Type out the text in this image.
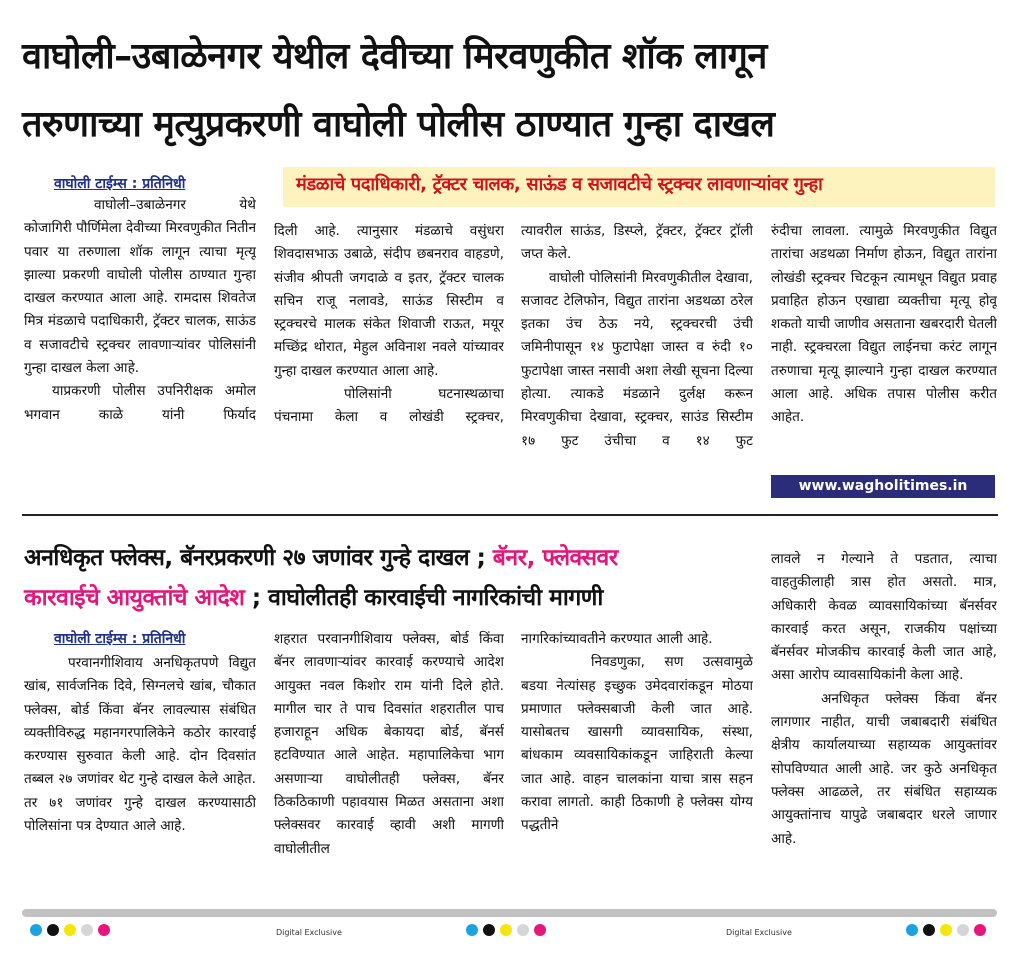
वाघोली–उबाळेनगर येथील देवीच्या मिरवणुकीत शॉक लागून
तरुणाच्या मृत्युप्रकरणी वाघोली पोलीस ठाण्यात गुन्हा दाखल
वाघोली टाईम्स : प्रतिनिधी	मंडळाचे पदाधिकारी, ट्रॅक्टर चालक, साऊंड व सजावटीचे स्ट्रक्चर लावणाऱ्यांवर गुन्हा

वाघोली–उबाळेनगर येथे कोजागिरी पौर्णिमेला देवीच्या मिरवणुकीत नितीन पवार या तरुणाला शॉक लागून त्याचा मृत्यू झाल्या प्रकरणी वाघोली पोलीस ठाण्यात गुन्हा दाखल करण्यात आला आहे. रामदास शिवतेज मित्र मंडळाचे पदाधिकारी, ट्रॅक्टर चालक, साऊंड व सजावटीचे स्ट्रक्चर लावणाऱ्यांवर पोलिसांनी गुन्हा दाखल केला आहे.

याप्रकरणी पोलीस उपनिरीक्षक अमोल भगवान काळे यांनी फिर्याद

दिली आहे. त्यानुसार मंडळाचे वसुंधरा शिवदासभाऊ उबाळे, संदीप छबनराव वाहडणे, संजीव श्रीपती जगदाळे व इतर, ट्रॅक्टर चालक सचिन राजू नलावडे, साऊंड सिस्टीम व स्ट्रक्चरचे मालक संकेत शिवाजी राऊत, मयूर मच्छिंद्र थोरात, मेहुल अविनाश नवले यांच्यावर गुन्हा दाखल करण्यात आला आहे.

पोलिसांनी घटनास्थळाचा पंचनामा केला व लोखंडी स्ट्रक्चर,

त्यावरील साऊंड, डिस्प्ले, ट्रॅक्टर, ट्रॅक्टर ट्रॉली जप्त केले.

वाघोली पोलिसांनी मिरवणुकीतील देखावा, सजावट टेलिफोन, विद्युत तारांना अडथळा ठरेल इतका उंच ठेऊ नये, स्ट्रक्चरची उंची जमिनीपासून १४ फुटापेक्षा जास्त व रुंदी १० फुटापेक्षा जास्त नसावी अशा लेखी सूचना दिल्या होत्या. त्याकडे मंडळाने दुर्लक्ष करून मिरवणुकीचा देखावा, स्ट्रक्चर, साउंड सिस्टीम १७ फुट उंचीचा व १४ फुट

रुंदीचा लावला. त्यामुळे मिरवणुकीत विद्युत तारांचा अडथळा निर्माण होऊन, विद्युत तारांना लोखंडी स्ट्रक्चर चिटकून त्यामधून विद्युत प्रवाह प्रवाहित होऊन एखाद्या व्यक्तीचा मृत्यू होवू शकतो याची जाणीव असताना खबरदारी घेतली नाही. स्ट्रक्चरला विद्युत लाईनचा करंट लागून तरुणाचा मृत्यू झाल्याने गुन्हा दाखल करण्यात आला आहे. अधिक तपास पोलीस करीत आहेत.

www.wagholitimes.in
अनधिकृत फ्लेक्स, बॅनरप्रकरणी २७ जणांवर गुन्हे दाखल ; बॅनर, फ्लेक्सवर
कारवाईचे आयुक्तांचे आदेश ; वाघोलीतही कारवाईची नागरिकांची मागणी
वाघोली टाईम्स : प्रतिनिधी

परवानगीशिवाय अनधिकृतपणे विद्युत खांब, सार्वजनिक दिवे, सिग्नलचे खांब, चौकात फ्लेक्स, बोर्ड किंवा बॅनर लावल्यास संबंधित व्यक्तीविरुद्ध महानगरपालिकेने कठोर कारवाई करण्यास सुरुवात केली आहे. दोन दिवसांत तब्बल २७ जणांवर थेट गुन्हे दाखल केले आहेत. तर ७१ जणांवर गुन्हे दाखल करण्यासाठी पोलिसांना पत्र देण्यात आले आहे.

शहरात परवानगीशिवाय फ्लेक्स, बोर्ड किंवा बॅनर लावणाऱ्यांवर कारवाई करण्याचे आदेश आयुक्त नवल किशोर राम यांनी दिले होते. मागील चार ते पाच दिवसांत शहरातील पाच हजाराहून अधिक बेकायदा बोर्ड, बॅनर्स हटविण्यात आले आहेत. महापालिकेचा भाग असणाऱ्या वाघोलीतही फ्लेक्स, बॅनर ठिकठिकाणी पहावयास मिळत असताना अशा फ्लेक्सवर कारवाई व्हावी अशी मागणी वाघोलीतील

नागरिकांच्यावतीने करण्यात आली आहे.

निवडणुका, सण उत्सवामुळे बडया नेत्यांसह इच्छुक उमेदवारांकडून मोठया प्रमाणात फ्लेक्सबाजी केली जात आहे. यासोबतच खासगी व्यावसायिक, संस्था, बांधकाम व्यवसायिकांकडून जाहिराती केल्या जात आहे. वाहन चालकांना याचा त्रास सहन करावा लागतो. काही ठिकाणी हे फ्लेक्स योग्य पद्धतीने

लावले न गेल्याने ते पडतात, त्याचा वाहतुकीलाही त्रास होत असतो. मात्र, अधिकारी केवळ व्यावसायिकांच्या बॅनर्सवर कारवाई करत असून, राजकीय पक्षांच्या बॅनर्सवर मोजकीच कारवाई केली जात आहे, असा आरोप व्यावसायिकांनी केला आहे.

अनधिकृत फ्लेक्स किंवा बॅनर लागणार नाहीत, याची जबाबदारी संबंधित क्षेत्रीय कार्यालयाच्या सहाय्यक आयुक्तांवर सोपविण्यात आली आहे. जर कुठे अनधिकृत फ्लेक्स आढळले, तर संबंधित सहाय्यक आयुक्तांनाच यापुढे जबाबदार धरले जाणार आहे.

Digital Exclusive	Digital Exclusive
